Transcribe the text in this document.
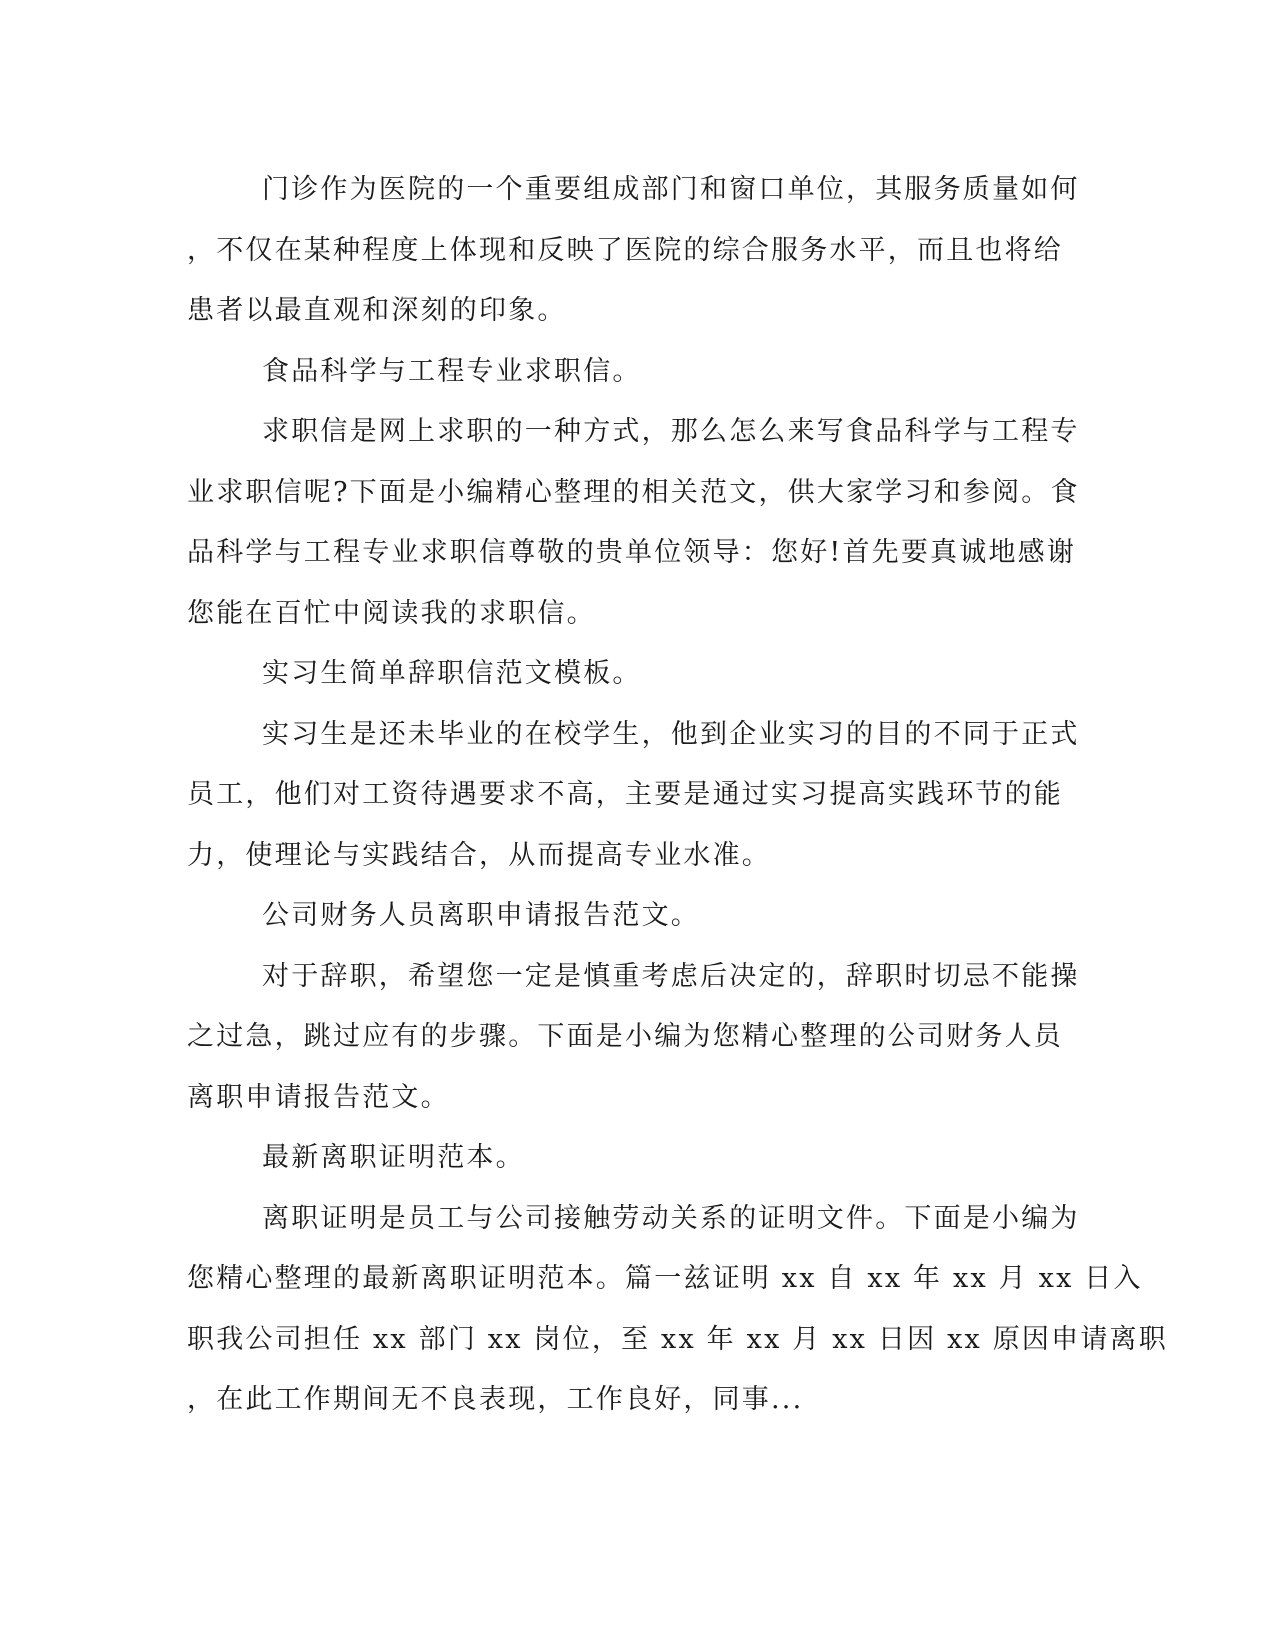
门诊作为医院的一个重要组成部门和窗口单位，其服务质量如何
，不仅在某种程度上体现和反映了医院的综合服务水平，而且也将给
患者以最直观和深刻的印象。

食品科学与工程专业求职信。

求职信是网上求职的一种方式，那么怎么来写食品科学与工程专
业求职信呢?下面是小编精心整理的相关范文，供大家学习和参阅。食
品科学与工程专业求职信尊敬的贵单位领导：您好!首先要真诚地感谢
您能在百忙中阅读我的求职信。

实习生简单辞职信范文模板。

实习生是还未毕业的在校学生，他到企业实习的目的不同于正式
员工，他们对工资待遇要求不高，主要是通过实习提高实践环节的能
力，使理论与实践结合，从而提高专业水准。

公司财务人员离职申请报告范文。

对于辞职，希望您一定是慎重考虑后决定的，辞职时切忌不能操
之过急，跳过应有的步骤。下面是小编为您精心整理的公司财务人员
离职申请报告范文。

最新离职证明范本。

离职证明是员工与公司接触劳动关系的证明文件。下面是小编为
您精心整理的最新离职证明范本。篇一兹证明 xx 自 xx 年 xx 月 xx 日入
职我公司担任 xx 部门 xx 岗位，至 xx 年 xx 月 xx 日因 xx 原因申请离职
，在此工作期间无不良表现，工作良好，同事...
